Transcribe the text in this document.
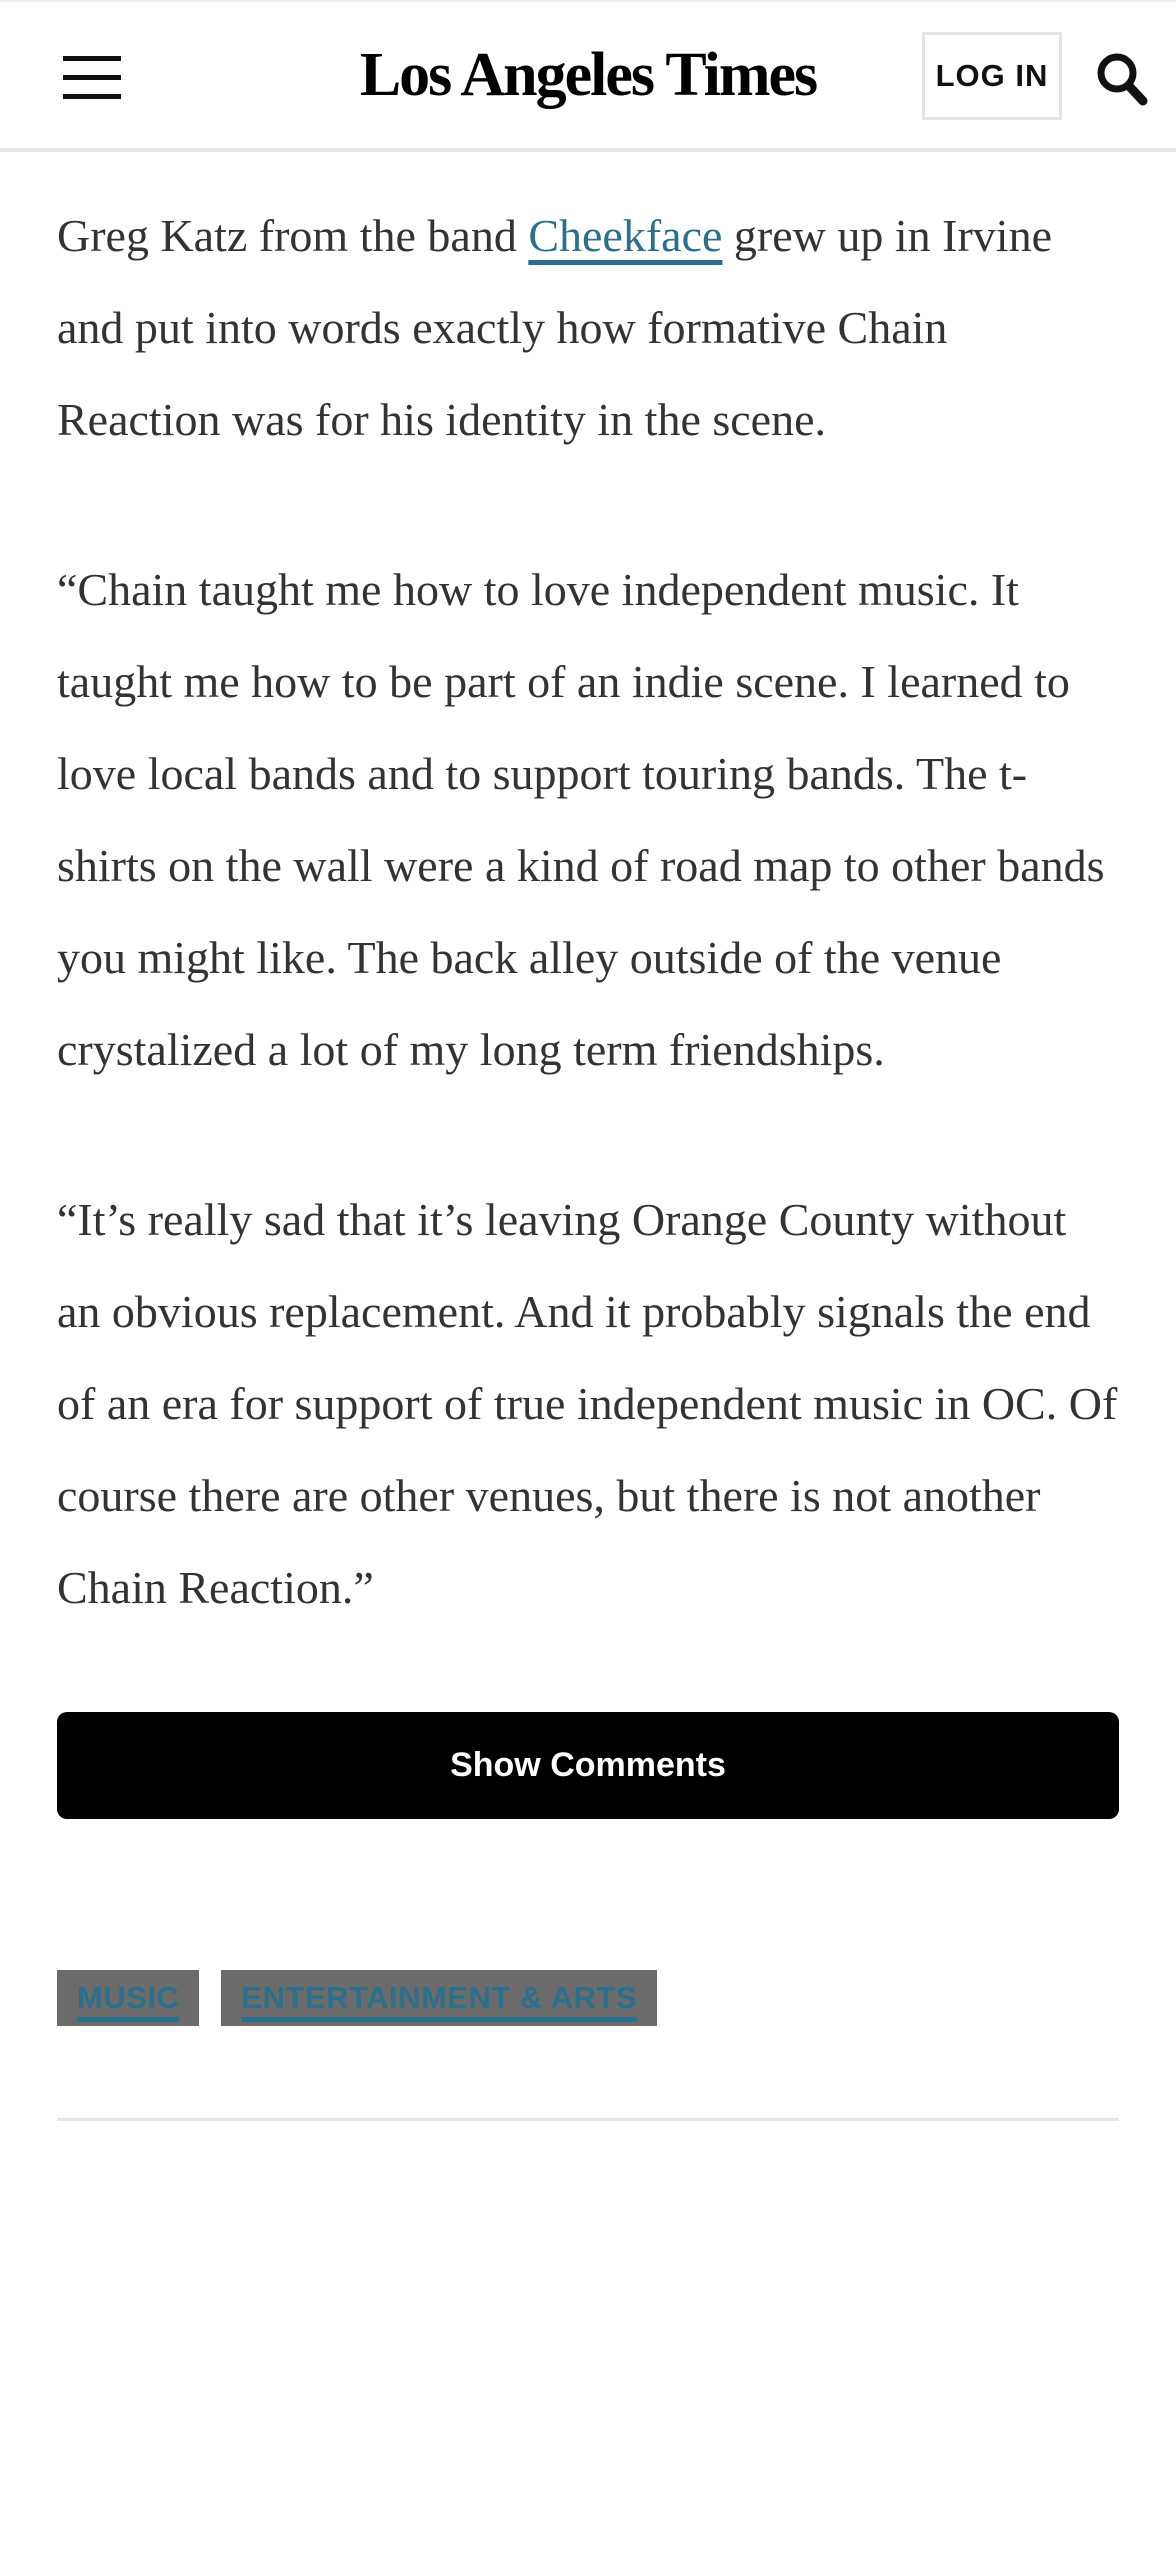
Los Angeles Times	LOG IN

Greg Katz from the band Cheekface grew up in Irvine and put into words exactly how formative Chain Reaction was for his identity in the scene.

“Chain taught me how to love independent music. It taught me how to be part of an indie scene. I learned to love local bands and to support touring bands. The t-shirts on the wall were a kind of road map to other bands you might like. The back alley outside of the venue crystalized a lot of my long term friendships.

“It’s really sad that it’s leaving Orange County without an obvious replacement. And it probably signals the end of an era for support of true independent music in OC. Of course there are other venues, but there is not another Chain Reaction.”

Show Comments
MUSIC	ENTERTAINMENT & ARTS
